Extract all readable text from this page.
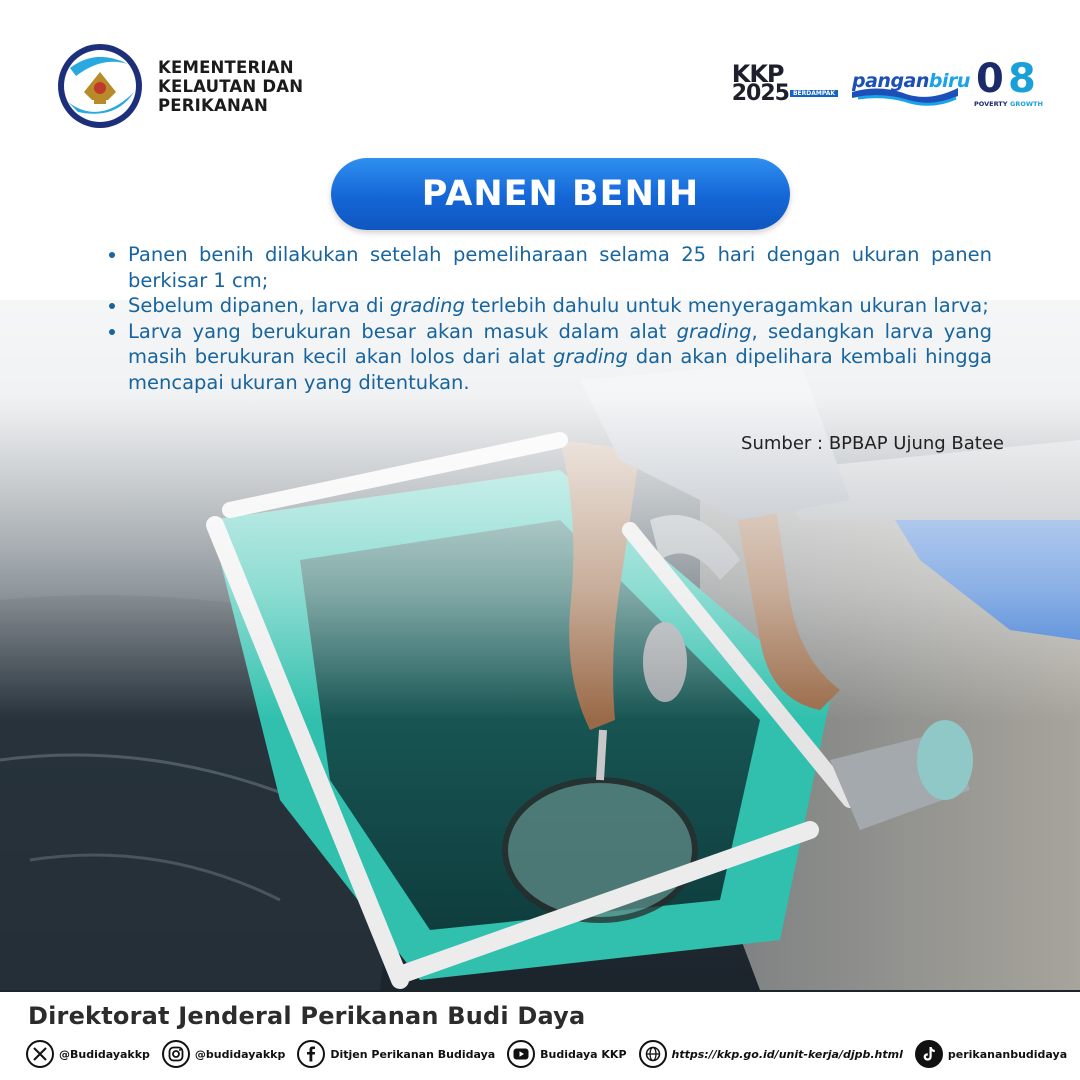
KEMENTERIAN
KELAUTAN DAN
PERIKANAN
KKP
2025 BERDAMPAK
panganbiru 0 8
POVERTY GROWTH
PANEN BENIH
Panen benih dilakukan setelah pemeliharaan selama 25 hari dengan ukuran panen berkisar 1 cm;
Sebelum dipanen, larva di grading terlebih dahulu untuk menyeragamkan ukuran larva;
Larva yang berukuran besar akan masuk dalam alat grading, sedangkan larva yang masih berukuran kecil akan lolos dari alat grading dan akan dipelihara kembali hingga mencapai ukuran yang ditentukan.
Sumber : BPBAP Ujung Batee
Direktorat Jenderal Perikanan Budi Daya
@Budidayakkp	@budidayakkp	Ditjen Perikanan Budidaya	Budidaya KKP	https://kkp.go.id/unit-kerja/djpb.html	perikananbudidaya
